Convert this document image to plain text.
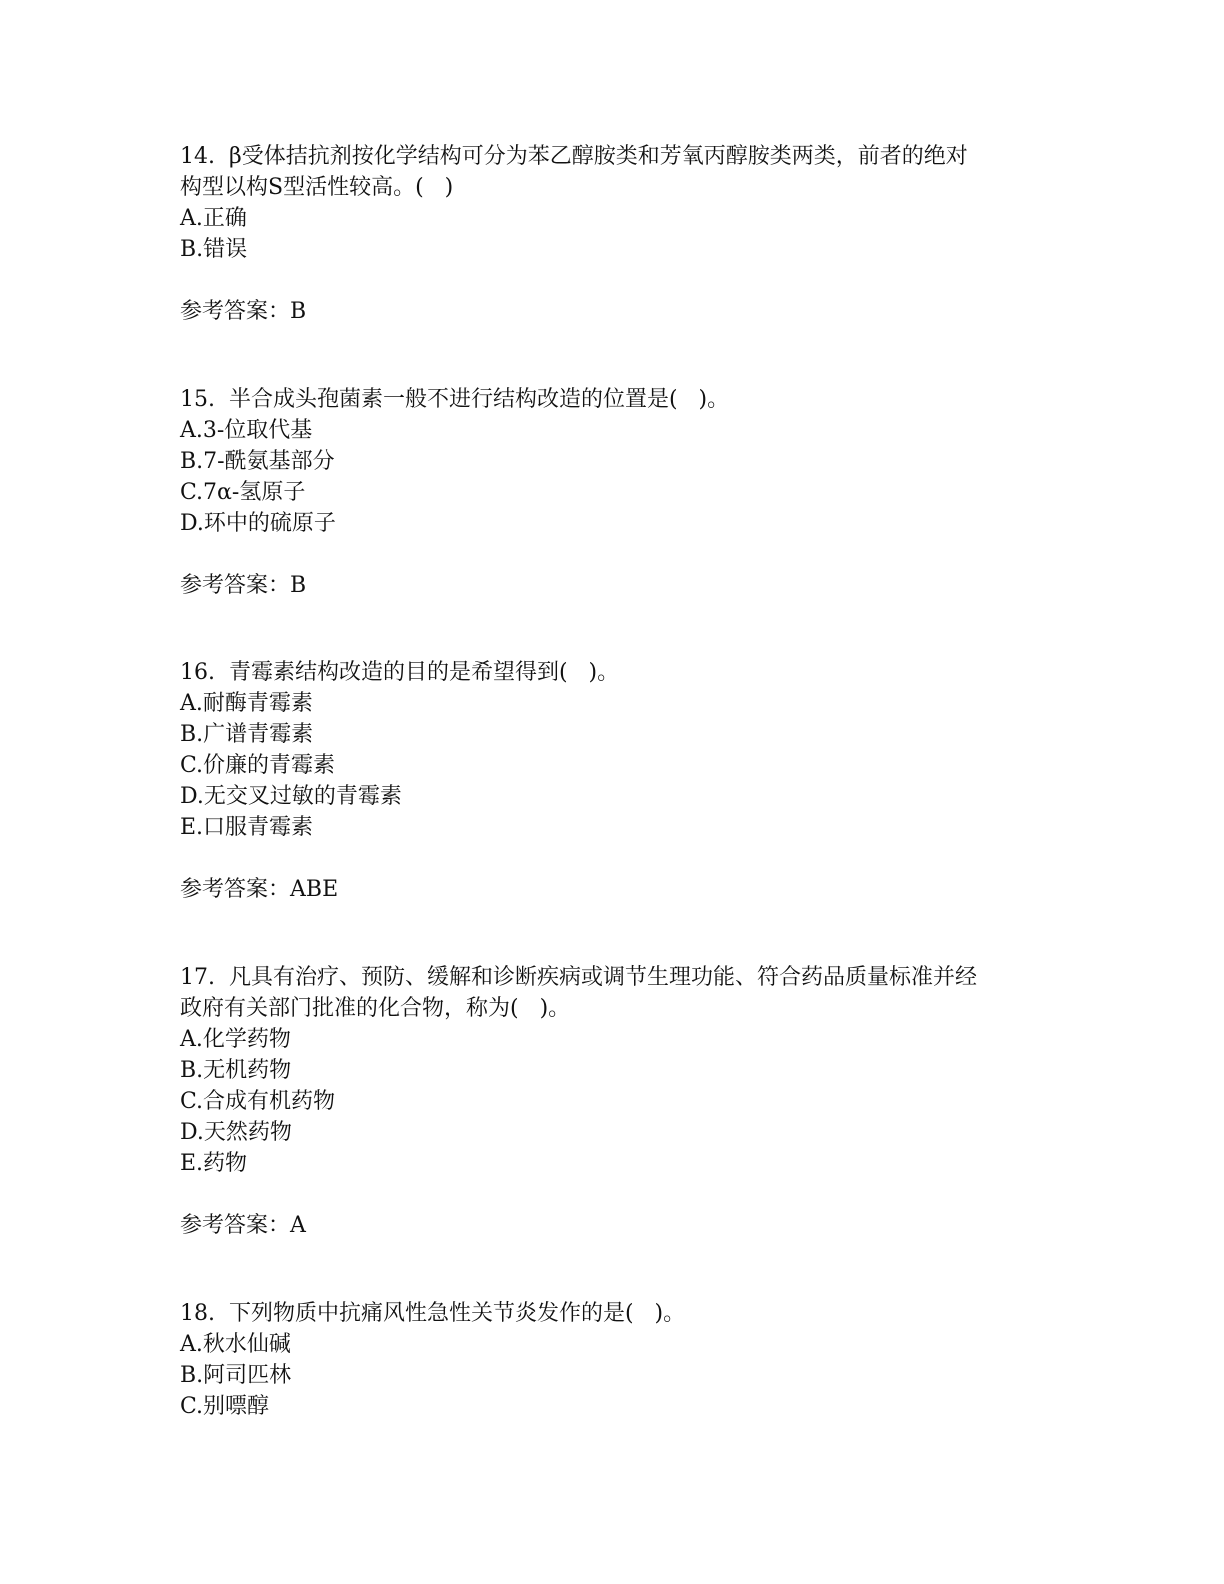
14.  β受体拮抗剂按化学结构可分为苯乙醇胺类和芳氧丙醇胺类两类，前者的绝对
构型以构S型活性较高。(   )
A.正确
B.错误
参考答案：B
15.  半合成头孢菌素一般不进行结构改造的位置是(   )。
A.3-位取代基
B.7-酰氨基部分
C.7α-氢原子
D.环中的硫原子
参考答案：B
16.  青霉素结构改造的目的是希望得到(   )。
A.耐酶青霉素
B.广谱青霉素
C.价廉的青霉素
D.无交叉过敏的青霉素
E.口服青霉素
参考答案：ABE
17.  凡具有治疗、预防、缓解和诊断疾病或调节生理功能、符合药品质量标准并经
政府有关部门批准的化合物，称为(   )。
A.化学药物
B.无机药物
C.合成有机药物
D.天然药物
E.药物
参考答案：A
18.  下列物质中抗痛风性急性关节炎发作的是(   )。
A.秋水仙碱
B.阿司匹林
C.别嘌醇
